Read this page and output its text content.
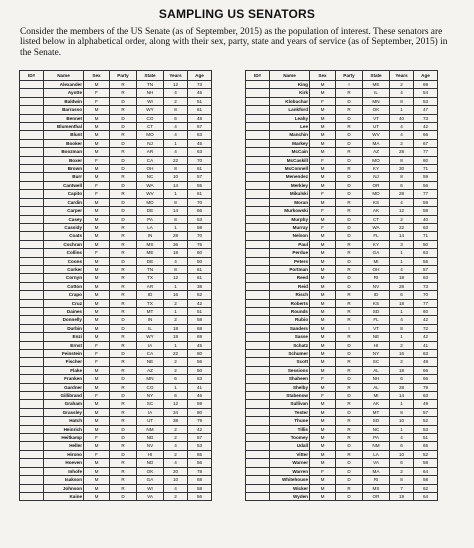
SAMPLING US SENATORS
Consider the members of the US Senate (as of September, 2015) as the population of interest. These senators are listed below in alphabetical order, along with their sex, party, state and years of service (as of September, 2015) in the Senate.
ID#	Name	Sex	Party	State	Years	Age
	Alexander	M	R	TN	12	73
	Ayotte	F	R	NH	4	45
	Baldwin	F	D	WI	2	51
	Barrasso	M	R	WY	8	61
	Bennet	M	D	CO	6	48
	Blumenthal	M	D	CT	4	67
	Blunt	M	R	MO	4	63
	Booker	M	D	NJ	1	45
	Boozman	M	R	AR	4	63
	Boxer	F	D	CA	22	70
	Brown	M	D	OH	8	61
	Burr	M	R	NC	10	57
	Cantwell	F	D	WA	14	55
	Capito	F	R	WV	1	61
	Cardin	M	D	MD	8	70
	Carper	M	D	DE	14	66
	Casey	M	D	PA	8	53
	Cassidy	M	R	LA	1	58
	Coats	M	R	IN	28	70
	Cochran	M	R	MS	36	75
	Collins	F	R	ME	18	60
	Coons	M	D	DE	4	50
	Corker	M	R	TN	8	61
	Cornyn	M	R	TX	12	61
	Cotton	M	R	AR	1	38
	Crapo	M	R	ID	16	62
	Cruz	M	R	TX	2	42
	Daines	M	R	MT	1	51
	Donnelly	M	D	IN	2	58
	Durbin	M	D	IL	18	68
	Enzi	M	R	WY	18	69
	Ernst	F	R	IA	1	45
	Feinstein	F	D	CA	22	80
	Fischer	F	R	NE	2	56
	Flake	M	R	AZ	2	50
	Franken	M	D	MN	6	63
	Gardner	M	R	CO	1	41
	Gillibrand	F	D	NY	6	46
	Graham	M	R	SC	12	59
	Grassley	M	R	IA	34	80
	Hatch	M	R	UT	38	79
	Heinrich	M	D	NM	2	42
	Heitkamp	F	D	ND	2	57
	Heller	M	R	NV	4	53
	Hirono	F	D	HI	2	65
	Hoeven	M	R	ND	4	56
	Inhofe	M	R	OK	20	78
	Isakson	M	R	GA	10	68
	Johnson	M	R	WI	4	58
	Kaine	M	D	VA	2	56
ID#	Name	Sex	Party	State	Years	Age
	King	M	I	ME	2	69
	Kirk	M	R	IL	4	54
	Klobuchar	F	D	MN	8	53
	Lankford	M	R	OK	1	47
	Leahy	M	D	VT	40	73
	Lee	M	R	UT	4	42
	Manchin	M	D	WV	4	66
	Markey	M	D	MA	2	67
	McCain	M	R	AZ	28	77
	McCaskill	F	D	MO	8	60
	McConnell	M	R	KY	30	71
	Menendez	M	D	NJ	8	59
	Merkley	M	D	OR	6	56
	Mikulski	F	D	MD	28	77
	Moran	M	R	KS	4	59
	Murkowski	F	R	AK	12	58
	Murphy	M	D	CT	2	40
	Murray	F	D	WA	22	63
	Nelson	M	D	FL	14	71
	Paul	M	R	KY	3	50
	Perdue	M	R	GA	1	63
	Peters	M	D	MI	1	55
	Portman	M	R	OH	4	57
	Reed	M	D	RI	18	63
	Reid	M	D	NV	28	73
	Risch	M	R	ID	6	70
	Roberts	M	R	KS	18	77
	Rounds	M	R	SD	1	60
	Rubio	M	R	FL	4	42
	Sanders	M	I	VT	8	72
	Sasse	M	R	NE	1	42
	Schatz	M	D	HI	2	41
	Schumer	M	D	NY	16	63
	Scott	M	R	SC	2	48
	Sessions	M	R	AL	18	66
	Shaheen	F	D	NH	6	66
	Shelby	M	R	AL	28	79
	Stabenow	F	D	MI	14	63
	Sullivan	M	R	AK	1	49
	Tester	M	D	MT	8	57
	Thune	M	R	SD	10	52
	Tillis	M	R	NC	1	53
	Toomey	M	R	PA	4	51
	Udall	M	D	NM	6	65
	Vitter	M	R	LA	10	52
	Warner	M	D	VA	6	58
	Warren	F	D	MA	2	64
	Whitehouse	M	D	RI	8	58
	Wicker	M	R	MS	7	62
	Wyden	M	D	OR	19	64
